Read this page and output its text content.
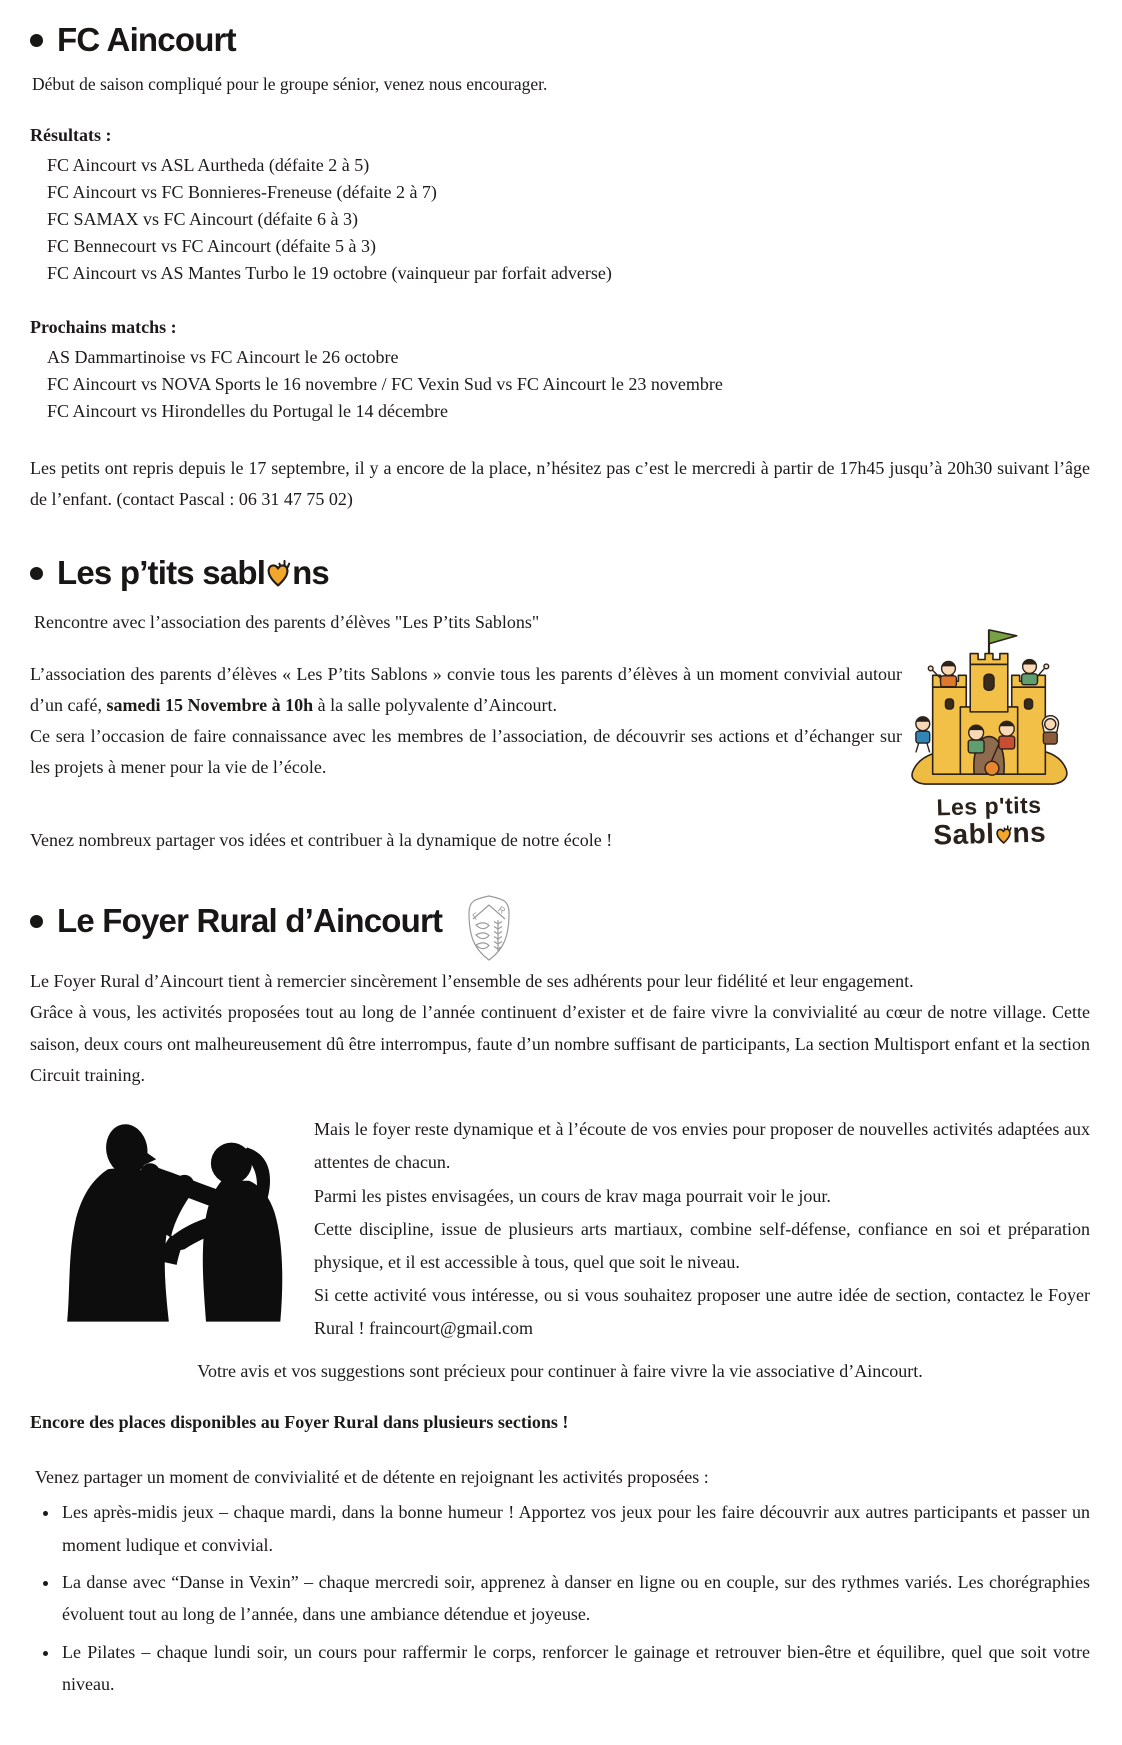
FC Aincourt

Début de saison compliqué pour le groupe sénior, venez nous encourager.

Résultats :

FC Aincourt vs ASL Aurtheda (défaite 2 à 5)

FC Aincourt vs FC Bonnieres-Freneuse (défaite 2 à 7)

FC SAMAX vs FC Aincourt (défaite 6 à 3)

FC Bennecourt vs FC Aincourt (défaite 5 à 3)

FC Aincourt vs AS Mantes Turbo le 19 octobre (vainqueur par forfait adverse)

Prochains matchs :

AS Dammartinoise vs FC Aincourt le 26 octobre

FC Aincourt vs NOVA Sports le 16 novembre / FC Vexin Sud vs FC Aincourt le 23 novembre

FC Aincourt vs Hirondelles du Portugal le 14 décembre

Les petits ont repris depuis le 17 septembre, il y a encore de la place, n’hésitez pas c’est le mercredi à partir de 17h45 jusqu’à 20h30 suivant l’âge de l’enfant. (contact Pascal : 06 31 47 75 02)

Les p’tits sabl ns

Rencontre avec l’association des parents d’élèves "Les P’tits Sablons"

L’association des parents d’élèves « Les P’tits Sablons » convie tous les parents d’élèves à un moment convivial autour d’un café, samedi 15 Novembre à 10h à la salle polyvalente d’Aincourt.

Ce sera l’occasion de faire connaissance avec les membres de l’association, de découvrir ses actions et d’échanger sur les projets à mener pour la vie de l’école.

Venez nombreux partager vos idées et contribuer à la dynamique de notre école !

Les p'tits

Sabl ns
Le Foyer Rural d’Aincourt	F
R

Le Foyer Rural d’Aincourt tient à remercier sincèrement l’ensemble de ses adhérents pour leur fidélité et leur engagement.

Grâce à vous, les activités proposées tout au long de l’année continuent d’exister et de faire vivre la convivialité au cœur de notre village. Cette saison, deux cours ont malheureusement dû être interrompus, faute d’un nombre suffisant de participants, La section Multisport enfant et la section Circuit training.

Mais le foyer reste dynamique et à l’écoute de vos envies pour proposer de nouvelles activités adaptées aux attentes de chacun.

Parmi les pistes envisagées, un cours de krav maga pourrait voir le jour.

Cette discipline, issue de plusieurs arts martiaux, combine self-défense, confiance en soi et préparation physique, et il est accessible à tous, quel que soit le niveau.

Si cette activité vous intéresse, ou si vous souhaitez proposer une autre idée de section, contactez le Foyer Rural ! fraincourt@gmail.com

Votre avis et vos suggestions sont précieux pour continuer à faire vivre la vie associative d’Aincourt.

Encore des places disponibles au Foyer Rural dans plusieurs sections !

Venez partager un moment de convivialité et de détente en rejoignant les activités proposées :

• Les après-midis jeux – chaque mardi, dans la bonne humeur ! Apportez vos jeux pour les faire découvrir aux autres participants et passer un moment ludique et convivial.
• La danse avec “Danse in Vexin” – chaque mercredi soir, apprenez à danser en ligne ou en couple, sur des rythmes variés. Les chorégraphies évoluent tout au long de l’année, dans une ambiance détendue et joyeuse.
• Le Pilates – chaque lundi soir, un cours pour raffermir le corps, renforcer le gainage et retrouver bien-être et équilibre, quel que soit votre niveau.
